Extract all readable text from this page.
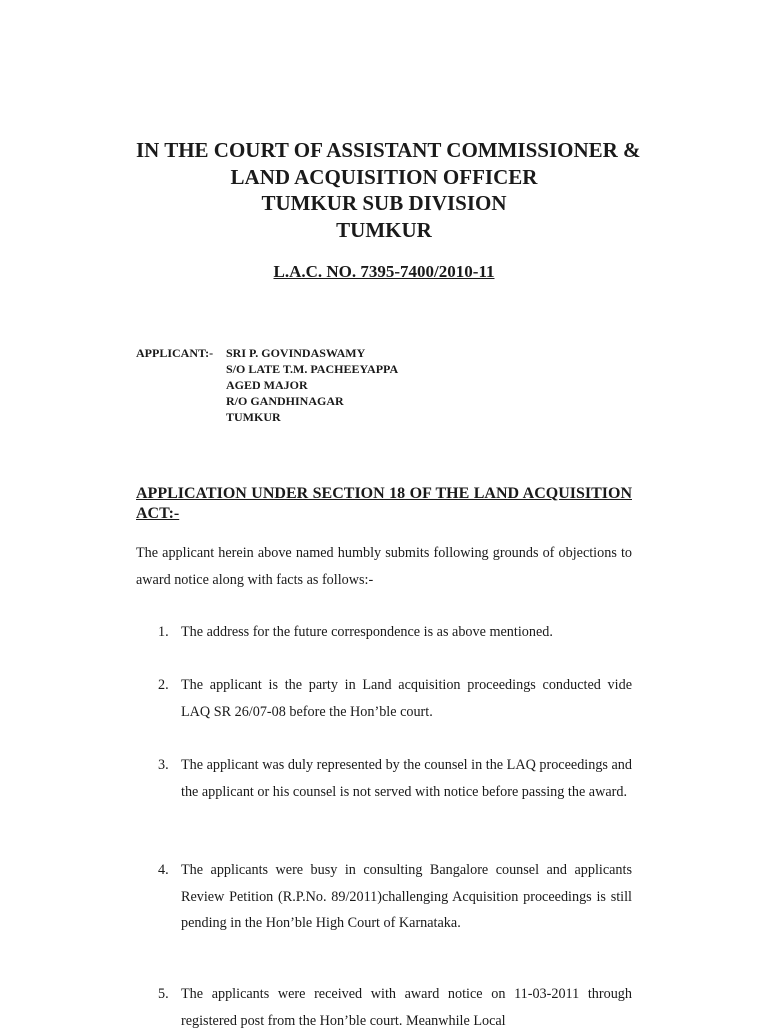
IN THE COURT OF ASSISTANT COMMISSIONER &
LAND ACQUISITION OFFICER
TUMKUR SUB DIVISION
TUMKUR

L.A.C. NO. 7395-7400/2010-11

APPLICANT:-	SRI P. GOVINDASWAMY
S/O LATE T.M. PACHEEYAPPA
AGED MAJOR
R/O GANDHINAGAR
TUMKUR
APPLICATION UNDER SECTION 18 OF THE LAND ACQUISITION ACT:-

The applicant herein above named humbly submits following grounds of objections to award notice along with facts as follows:-

1. The address for the future correspondence is as above mentioned.
2. The applicant is the party in Land acquisition proceedings conducted vide LAQ SR 26/07-08 before the Hon’ble court.
3. The applicant was duly represented by the counsel in the LAQ proceedings and the applicant or his counsel is not served with notice before passing the award.
4. The applicants were busy in consulting Bangalore counsel and applicants Review Petition (R.P.No. 89/2011)challenging Acquisition proceedings is still pending in the Hon’ble High Court of Karnataka.
5. The applicants were received with award notice on 11-03-2011 through registered post from the Hon’ble court. Meanwhile Local
